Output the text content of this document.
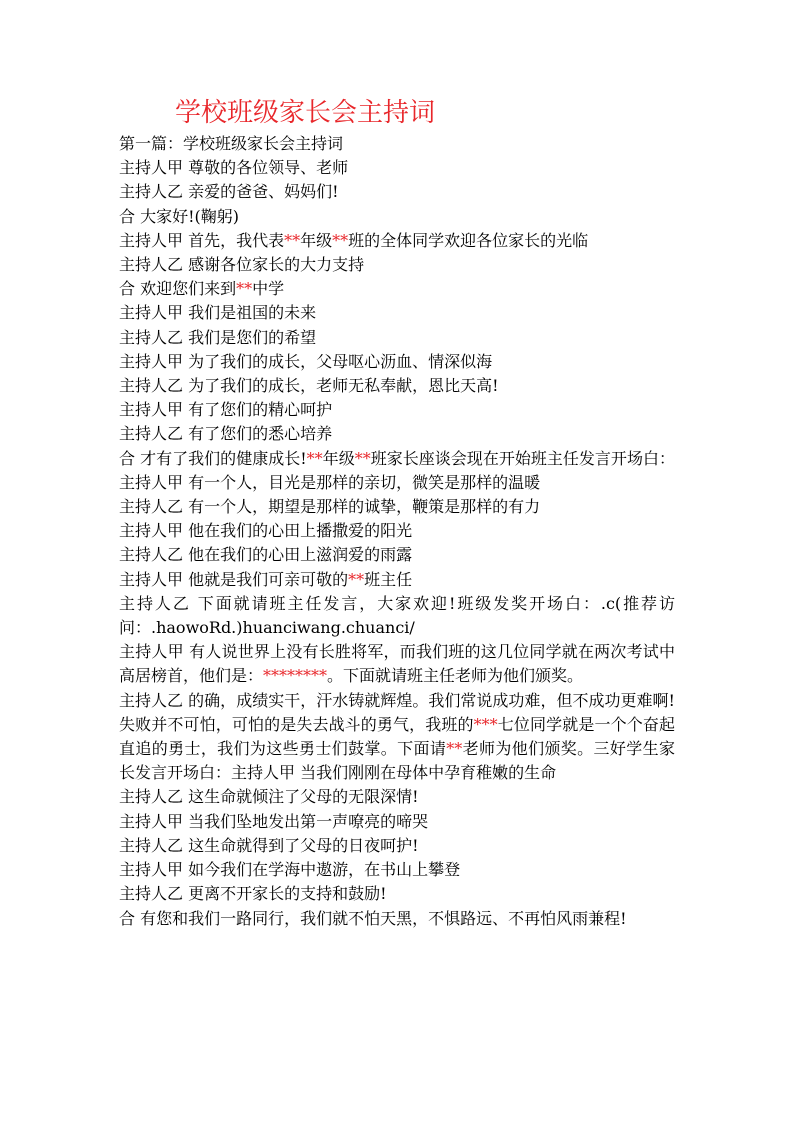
学校班级家长会主持词
第一篇：学校班级家长会主持词
主持人甲 尊敬的各位领导、老师
主持人乙 亲爱的爸爸、妈妈们!
合 大家好!(鞠躬)
主持人甲 首先，我代表**年级**班的全体同学欢迎各位家长的光临
主持人乙 感谢各位家长的大力支持
合 欢迎您们来到**中学
主持人甲 我们是祖国的未来
主持人乙 我们是您们的希望
主持人甲 为了我们的成长，父母呕心沥血、情深似海
主持人乙 为了我们的成长，老师无私奉献，恩比天高!
主持人甲 有了您们的精心呵护
主持人乙 有了您们的悉心培养
合 才有了我们的健康成长!**年级**班家长座谈会现在开始班主任发言开场白：主持人甲 有一个人，目光是那样的亲切，微笑是那样的温暖
主持人乙 有一个人，期望是那样的诚挚，鞭策是那样的有力
主持人甲 他在我们的心田上播撒爱的阳光
主持人乙 他在我们的心田上滋润爱的雨露
主持人甲 他就是我们可亲可敬的**班主任
主持人乙 下面就请班主任发言，大家欢迎!班级发奖开场白：.c(推荐访问：.haowoRd.)huanciwang.chuanci/
主持人甲 有人说世界上没有长胜将军，而我们班的这几位同学就在两次考试中高居榜首，他们是：********。下面就请班主任老师为他们颁奖。
主持人乙 的确，成绩实干，汗水铸就辉煌。我们常说成功难，但不成功更难啊!失败并不可怕，可怕的是失去战斗的勇气，我班的***七位同学就是一个个奋起直追的勇士，我们为这些勇士们鼓掌。下面请**老师为他们颁奖。三好学生家长发言开场白：主持人甲 当我们刚刚在母体中孕育稚嫩的生命
主持人乙 这生命就倾注了父母的无限深情!
主持人甲 当我们坠地发出第一声嘹亮的啼哭
主持人乙 这生命就得到了父母的日夜呵护!
主持人甲 如今我们在学海中遨游，在书山上攀登
主持人乙 更离不开家长的支持和鼓励!
合 有您和我们一路同行，我们就不怕天黑，不惧路远、不再怕风雨兼程!
